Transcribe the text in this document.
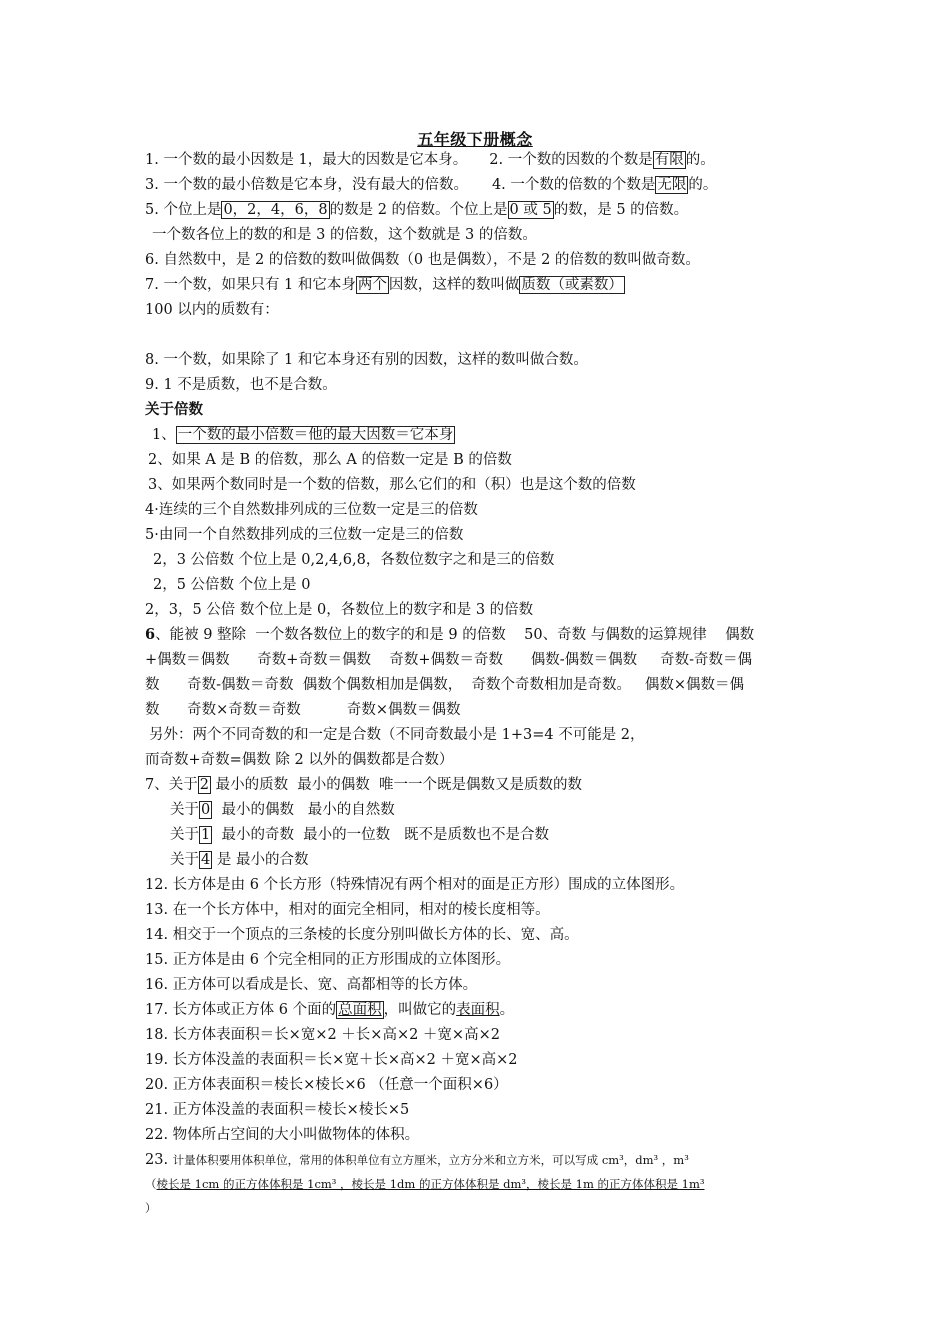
五年级下册概念
1. 一个数的最小因数是 1，最大的因数是它本身。 2. 一个数的因数的个数是 有限 的。
3. 一个数的最小倍数是它本身，没有最大的倍数。 4. 一个数的倍数的个数是 无限 的。
5. 个位上是 0，2，4，6，8 的数是 2 的倍数。个位上是 0 或 5 的数，是 5 的倍数。
一个数各位上的数的和是 3 的倍数，这个数就是 3 的倍数。
6. 自然数中，是 2 的倍数的数叫做偶数（0 也是偶数），不是 2 的倍数的数叫做奇数。
7. 一个数，如果只有 1 和它本身 两个 因数，这样的数叫做 质数（或素数）
100 以内的质数有：
8. 一个数，如果除了 1 和它本身还有别的因数，这样的数叫做合数。
9. 1 不是质数，也不是合数。
关于倍数
1、 一个数的最小倍数＝他的最大因数＝它本身
2、如果 A 是 B 的倍数，那么 A 的倍数一定是 B 的倍数
3、如果两个数同时是一个数的倍数，那么它们的和（积）也是这个数的倍数
4·连续的三个自然数排列成的三位数一定是三的倍数
5·由同一个自然数排列成的三位数一定是三的倍数
2，3 公倍数 个位上是 0,2,4,6,8，各数位数字之和是三的倍数
2，5 公倍数 个位上是 0
2，3，5 公倍 数个位上是 0，各数位上的数字和是 3 的倍数
6、能被 9 整除  一个数各数位上的数字的和是 9 的倍数    50、奇数 与偶数的运算规律    偶数
+偶数＝偶数      奇数+奇数＝偶数    奇数+偶数＝奇数      偶数-偶数＝偶数     奇数-奇数＝偶
数      奇数-偶数＝奇数  偶数个偶数相加是偶数，  奇数个奇数相加是奇数。   偶数×偶数＝偶
数      奇数×奇数＝奇数          奇数×偶数＝偶数
另外：两个不同奇数的和一定是合数（不同奇数最小是 1+3=4 不可能是 2，
而奇数+奇数=偶数 除 2 以外的偶数都是合数）
7、关于 2 最小的质数  最小的偶数  唯一一个既是偶数又是质数的数
关于 0  最小的偶数   最小的自然数
关于 1  最小的奇数  最小的一位数   既不是质数也不是合数
关于 4 是 最小的合数
12. 长方体是由 6 个长方形（特殊情况有两个相对的面是正方形）围成的立体图形。
13. 在一个长方体中，相对的面完全相同，相对的棱长度相等。
14. 相交于一个顶点的三条棱的长度分别叫做长方体的长、宽、高。
15. 正方体是由 6 个完全相同的正方形围成的立体图形。
16. 正方体可以看成是长、宽、高都相等的长方体。
17. 长方体或正方体 6 个面的 总面积 ，叫做它的表面积。
18. 长方体表面积＝长×宽×2 ＋长×高×2 ＋宽×高×2
19. 长方体没盖的表面积＝长×宽＋长×高×2 ＋宽×高×2
20. 正方体表面积＝棱长×棱长×6 （任意一个面积×6）
21. 正方体没盖的表面积＝棱长×棱长×5
22. 物体所占空间的大小叫做物体的体积。
23. 计量体积要用体积单位，常用的体积单位有立方厘米，立方分米和立方米，可以写成 cm³，dm³ ，m³
（棱长是 1cm 的正方体体积是 1cm³ ，棱长是 1dm 的正方体体积是 dm³，棱长是 1m 的正方体体积是 1m³
）
